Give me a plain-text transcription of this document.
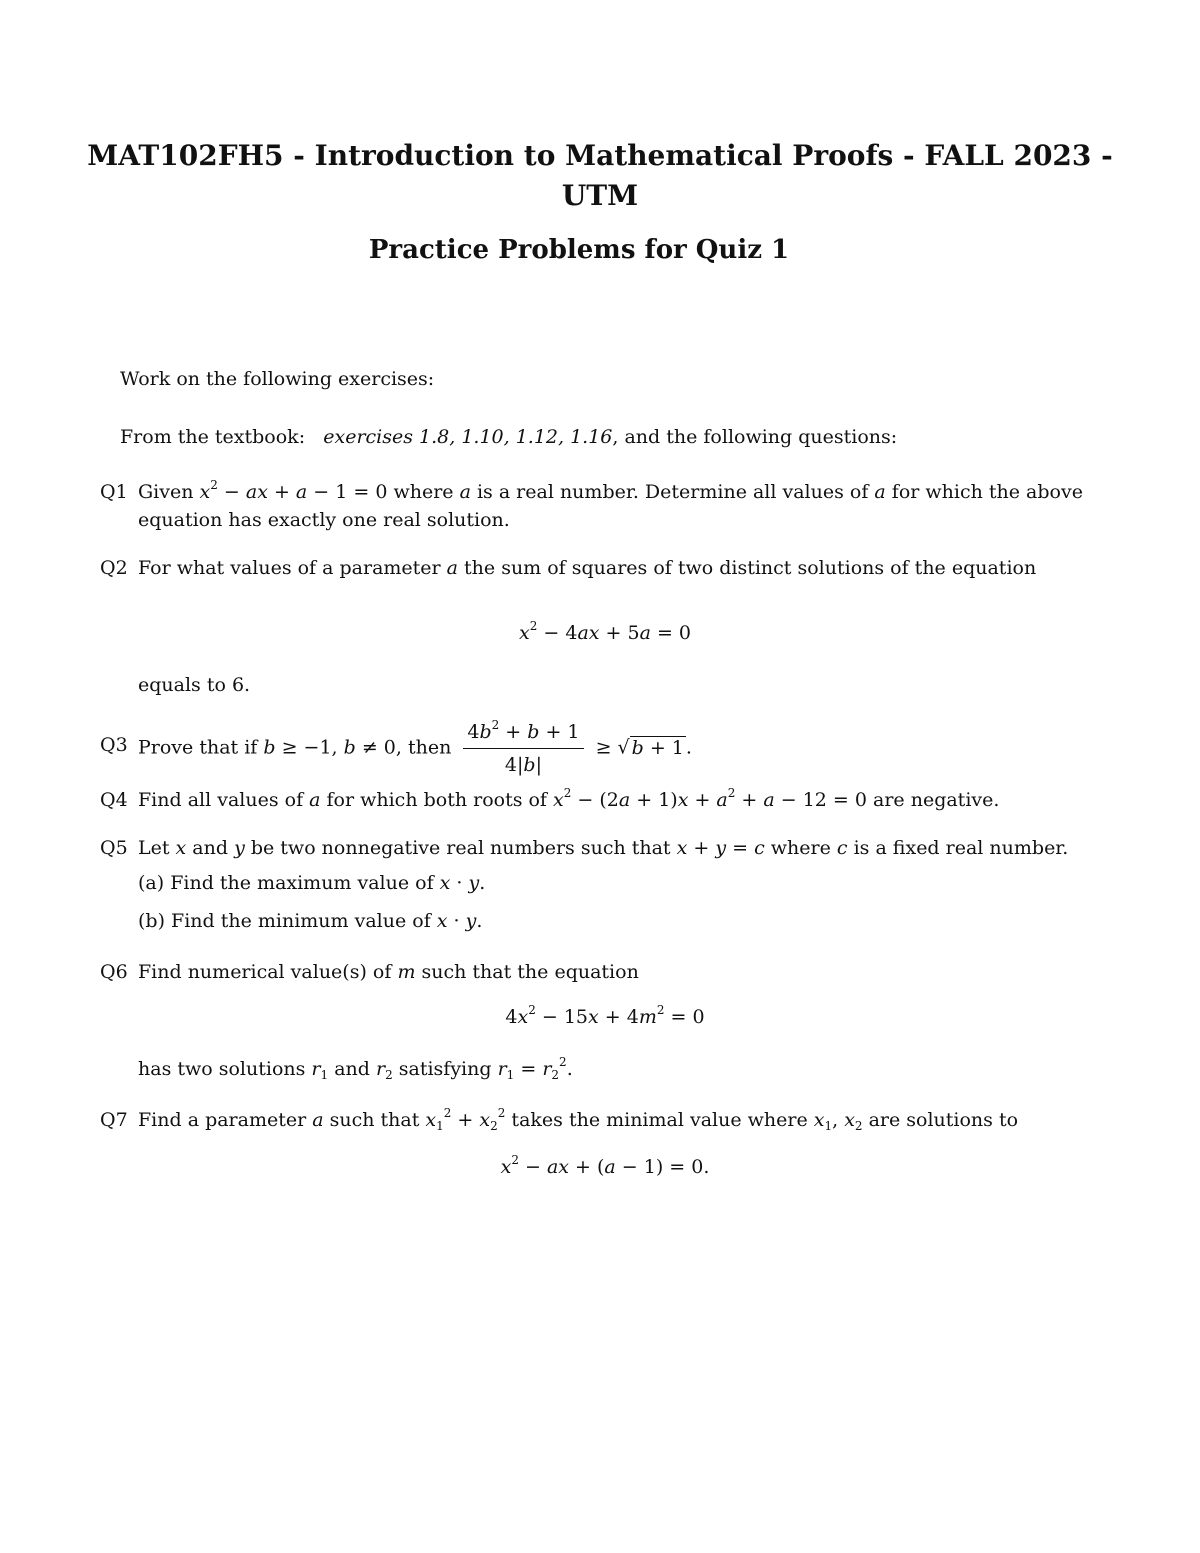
MAT102FH5 - Introduction to Mathematical Proofs - FALL 2023 -
UTM
Practice Problems for Quiz 1
Work on the following exercises:
From the textbook: exercises 1.8, 1.10, 1.12, 1.16, and the following questions:
Q1 Given $x^2$ − ax + a − 1 = 0 where a is a real number. Determine all values of a for which the above equation has exactly one real solution.
Q2 For what values of a parameter a the sum of squares of two distinct solutions of the equation
$x^2 - 4ax + 5a = 0$
equals to 6.
Q3 Prove that if b ≥ −1, b ≠ 0, then $\frac{4b^2 + b + 1}{4|b|}$ ≥ √ b + 1 .
Q4 Find all values of a for which both roots of $x^2 - (2a + 1)x + a^2 + a - 12 = 0$ are negative.
Q5 Let x and y be two nonnegative real numbers such that x + y = c where c is a fixed real number.
(a) Find the maximum value of x · y.
(b) Find the minimum value of x · y.
Q6 Find numerical value(s) of m such that the equation
$4x^2 - 15x + 4m^2 = 0$
has two solutions $r_1$ and $r_2$ satisfying $r_1 = r_2^2$.
Q7 Find a parameter a such that $x_1^2 + x_2^2$ takes the minimal value where $x_1$, $x_2$ are solutions to
$x^2$ − ax + (a − 1) = 0.
